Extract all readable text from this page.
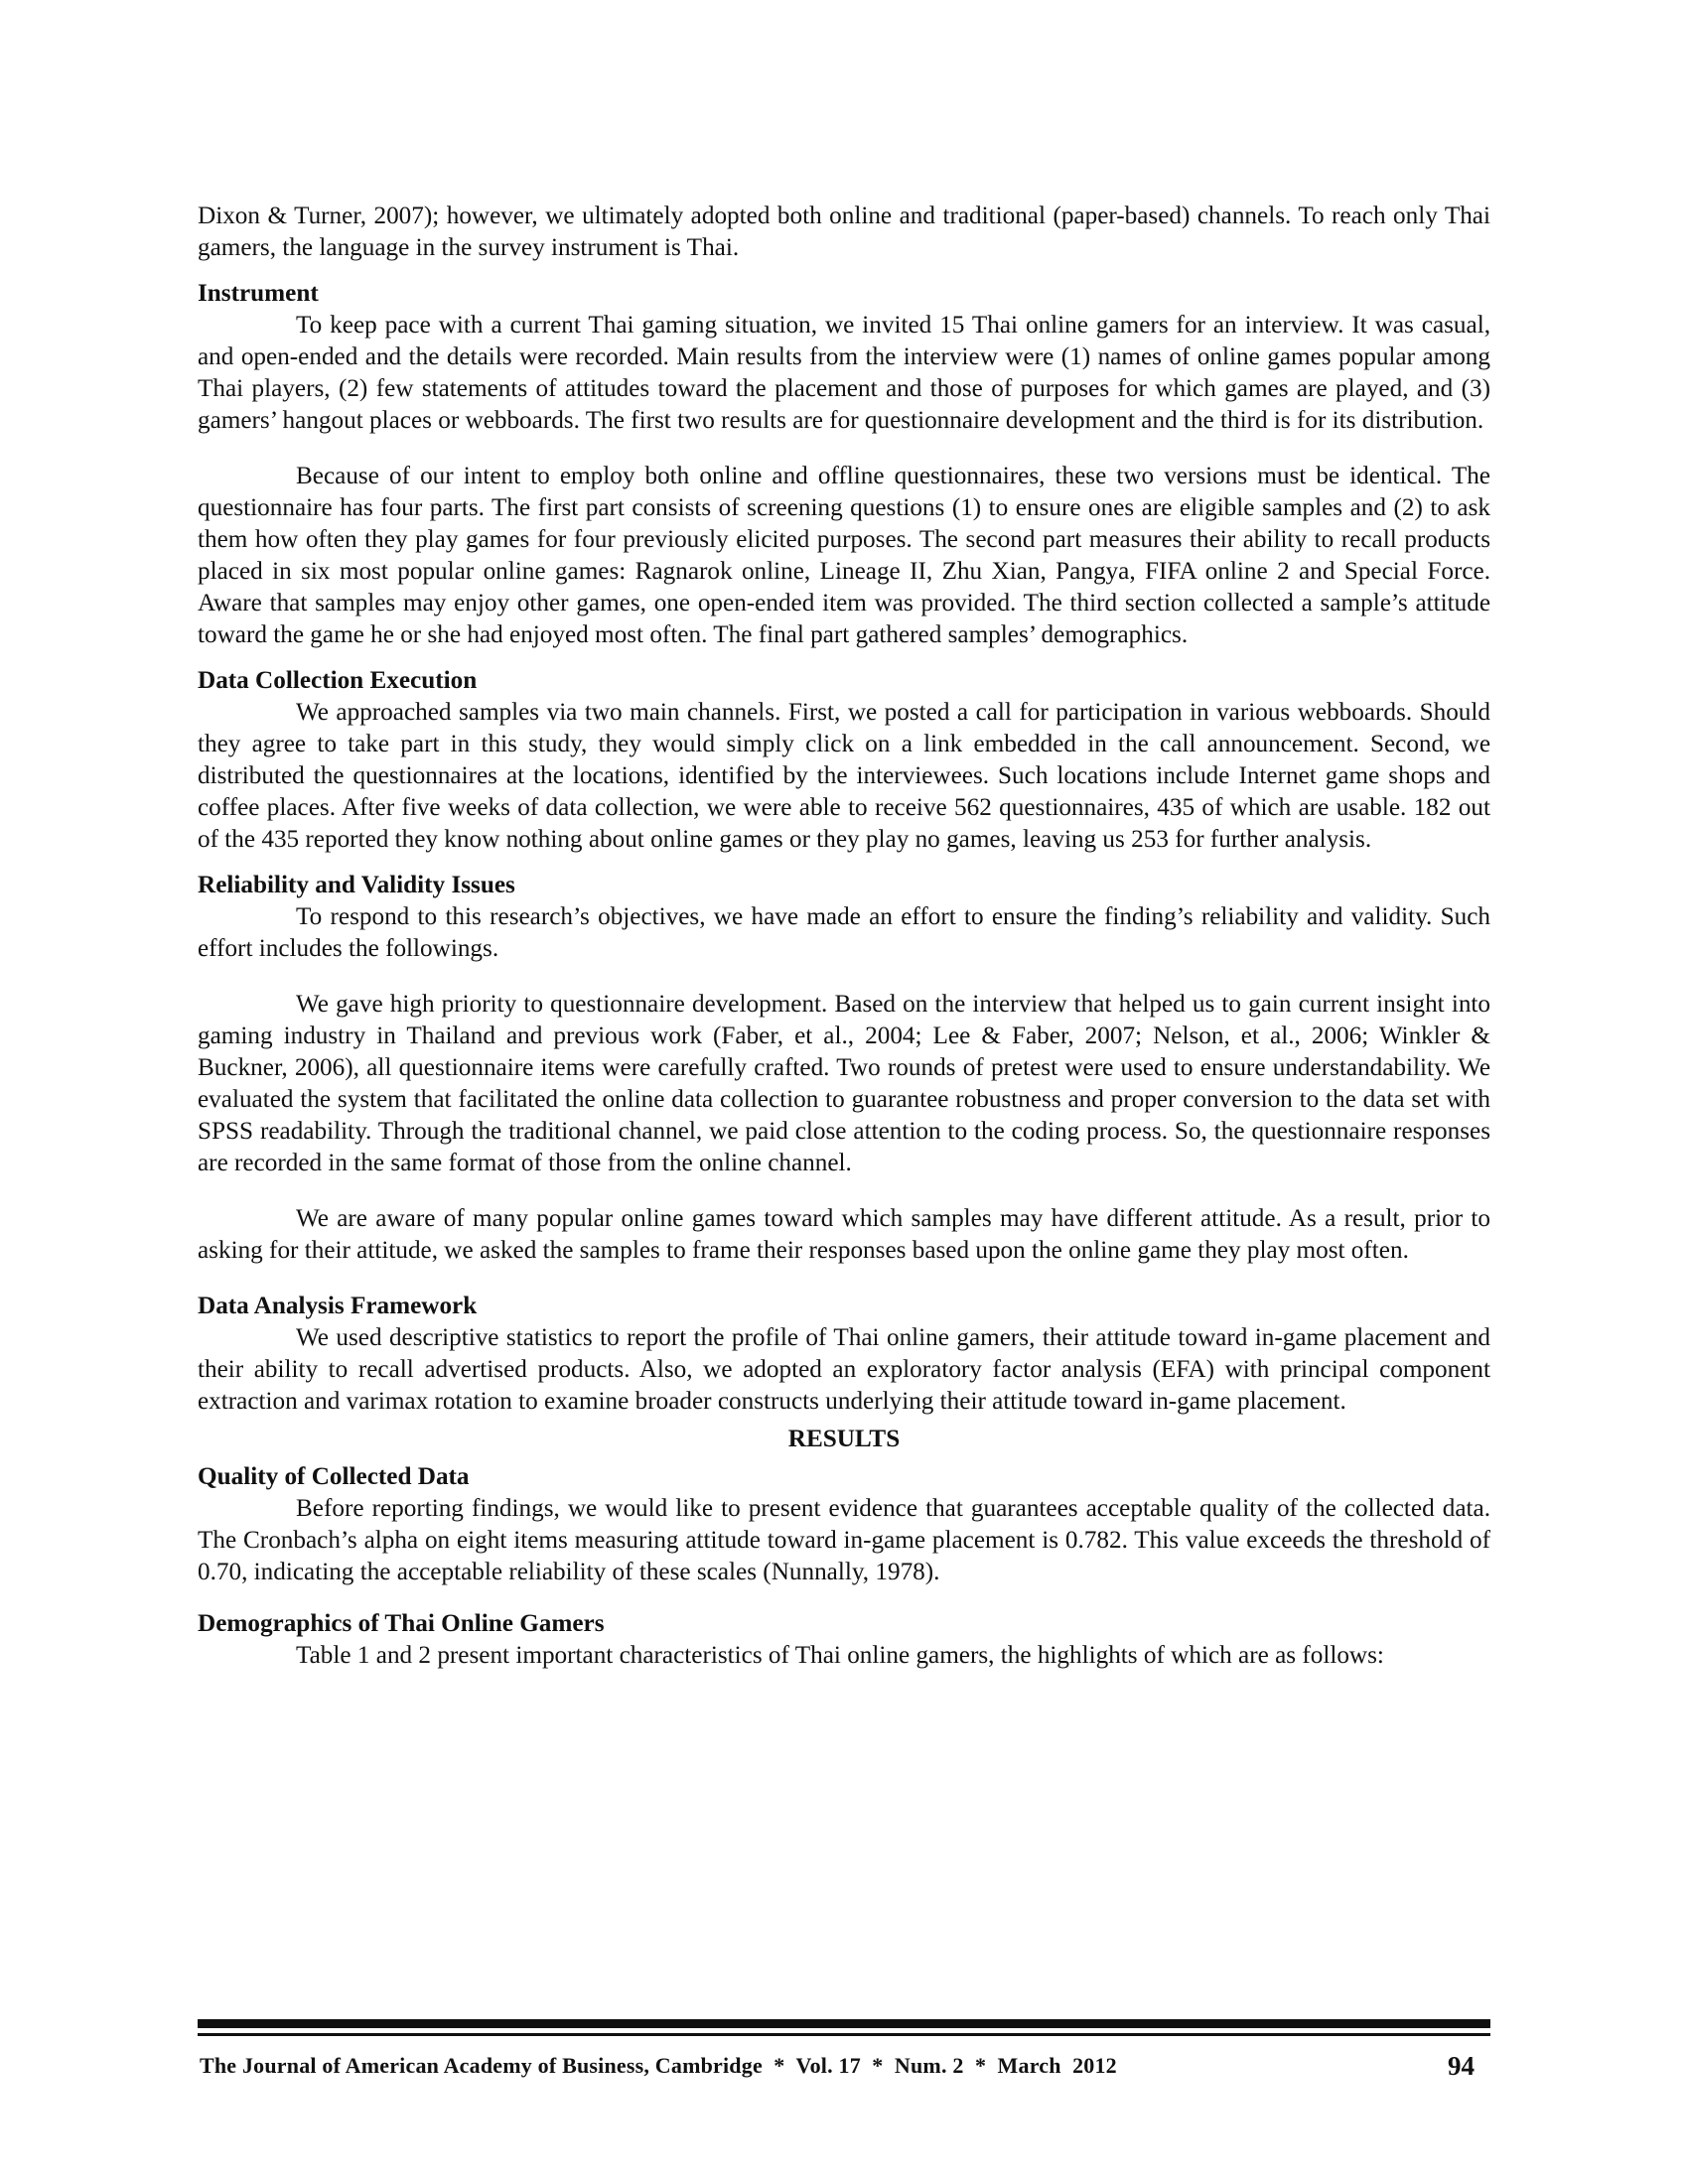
Dixon & Turner, 2007); however, we ultimately adopted both online and traditional (paper-based) channels. To reach only Thai gamers, the language in the survey instrument is Thai.

Instrument

To keep pace with a current Thai gaming situation, we invited 15 Thai online gamers for an interview. It was casual, and open-ended and the details were recorded. Main results from the interview were (1) names of online games popular among Thai players, (2) few statements of attitudes toward the placement and those of purposes for which games are played, and (3) gamers’ hangout places or webboards. The first two results are for questionnaire development and the third is for its distribution.

Because of our intent to employ both online and offline questionnaires, these two versions must be identical. The questionnaire has four parts. The first part consists of screening questions (1) to ensure ones are eligible samples and (2) to ask them how often they play games for four previously elicited purposes. The second part measures their ability to recall products placed in six most popular online games: Ragnarok online, Lineage II, Zhu Xian, Pangya, FIFA online 2 and Special Force. Aware that samples may enjoy other games, one open-ended item was provided. The third section collected a sample’s attitude toward the game he or she had enjoyed most often. The final part gathered samples’ demographics.

Data Collection Execution

We approached samples via two main channels. First, we posted a call for participation in various webboards. Should they agree to take part in this study, they would simply click on a link embedded in the call announcement. Second, we distributed the questionnaires at the locations, identified by the interviewees. Such locations include Internet game shops and coffee places. After five weeks of data collection, we were able to receive 562 questionnaires, 435 of which are usable. 182 out of the 435 reported they know nothing about online games or they play no games, leaving us 253 for further analysis.

Reliability and Validity Issues

To respond to this research’s objectives, we have made an effort to ensure the finding’s reliability and validity. Such effort includes the followings.

We gave high priority to questionnaire development. Based on the interview that helped us to gain current insight into gaming industry in Thailand and previous work (Faber, et al., 2004; Lee & Faber, 2007; Nelson, et al., 2006; Winkler & Buckner, 2006), all questionnaire items were carefully crafted. Two rounds of pretest were used to ensure understandability. We evaluated the system that facilitated the online data collection to guarantee robustness and proper conversion to the data set with SPSS readability. Through the traditional channel, we paid close attention to the coding process. So, the questionnaire responses are recorded in the same format of those from the online channel.

We are aware of many popular online games toward which samples may have different attitude. As a result, prior to asking for their attitude, we asked the samples to frame their responses based upon the online game they play most often.

Data Analysis Framework

We used descriptive statistics to report the profile of Thai online gamers, their attitude toward in-game placement and their ability to recall advertised products. Also, we adopted an exploratory factor analysis (EFA) with principal component extraction and varimax rotation to examine broader constructs underlying their attitude toward in-game placement.

RESULTS
Quality of Collected Data

Before reporting findings, we would like to present evidence that guarantees acceptable quality of the collected data. The Cronbach’s alpha on eight items measuring attitude toward in-game placement is 0.782. This value exceeds the threshold of 0.70, indicating the acceptable reliability of these scales (Nunnally, 1978).

Demographics of Thai Online Gamers

Table 1 and 2 present important characteristics of Thai online gamers, the highlights of which are as follows:

The Journal of American Academy of Business, Cambridge  *  Vol. 17  *  Num. 2  *  March  2012	94
